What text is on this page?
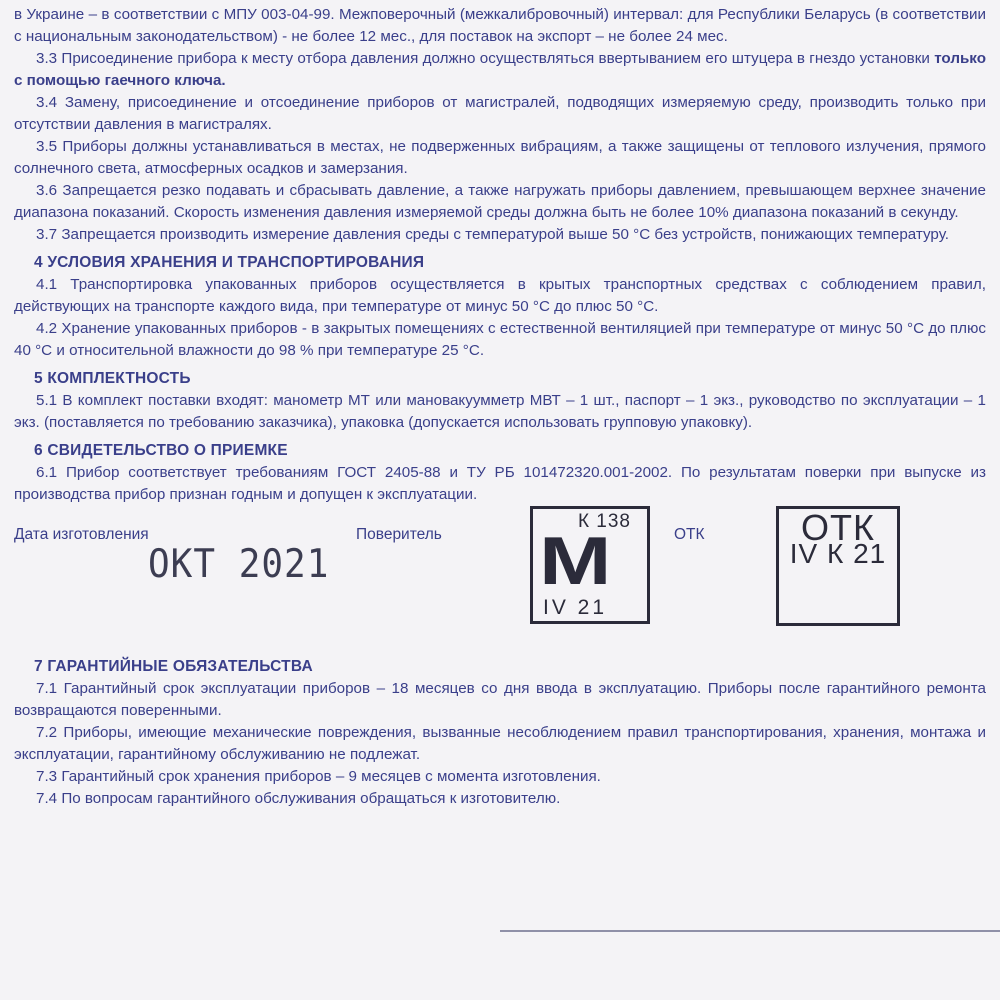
в Украине – в соответствии с МПУ 003-04-99. Межповерочный (межкалибровочный) интервал: для Республики Беларусь (в соответствии с национальным законодательством) - не более 12 мес., для поставок на экспорт – не более 24 мес.

3.3 Присоединение прибора к месту отбора давления должно осуществляться ввертыванием его штуцера в гнездо установки только с помощью гаечного ключа.

3.4 Замену, присоединение и отсоединение приборов от магистралей, подводящих измеряемую среду, производить только при отсутствии давления в магистралях.

3.5 Приборы должны устанавливаться в местах, не подверженных вибрациям, а также защищены от теплового излучения, прямого солнечного света, атмосферных осадков и замерзания.

3.6 Запрещается резко подавать и сбрасывать давление, а также нагружать приборы давлением, превышающем верхнее значение диапазона показаний. Скорость изменения давления измеряемой среды должна быть не более 10% диапазона показаний в секунду.

3.7 Запрещается производить измерение давления среды с температурой выше 50 °С без устройств, понижающих температуру.

4 УСЛОВИЯ ХРАНЕНИЯ И ТРАНСПОРТИРОВАНИЯ

4.1 Транспортировка упакованных приборов осуществляется в крытых транспортных средствах с соблюдением правил, действующих на транспорте каждого вида, при температуре от минус 50 °С до плюс 50 °С.

4.2 Хранение упакованных приборов - в закрытых помещениях с естественной вентиляцией при температуре от минус 50 °С до плюс 40 °С и относительной влажности до 98 % при температуре 25 °С.

5 КОМПЛЕКТНОСТЬ

5.1 В комплект поставки входят: манометр МТ или мановакуумметр МВТ – 1 шт., паспорт – 1 экз., руководство по эксплуатации – 1 экз. (поставляется по требованию заказчика), упаковка (допускается использовать групповую упаковку).

6 СВИДЕТЕЛЬСТВО О ПРИЕМКЕ

6.1 Прибор соответствует требованиям ГОСТ 2405-88 и ТУ РБ 101472320.001-2002. По результатам поверки при выпуске из производства прибор признан годным и допущен к эксплуатации.

Дата изготовления
ОКТ 2021
Поверитель
К 138
М
IV 21
ОТК	ОТК
IV К 21
7 ГАРАНТИЙНЫЕ ОБЯЗАТЕЛЬСТВА

7.1 Гарантийный срок эксплуатации приборов – 18 месяцев со дня ввода в эксплуатацию. Приборы после гарантийного ремонта возвращаются поверенными.

7.2 Приборы, имеющие механические повреждения, вызванные несоблюдением правил транспортирования, хранения, монтажа и эксплуатации, гарантийному обслуживанию не подлежат.

7.3 Гарантийный срок хранения приборов – 9 месяцев с момента изготовления.

7.4 По вопросам гарантийного обслуживания обращаться к изготовителю.
